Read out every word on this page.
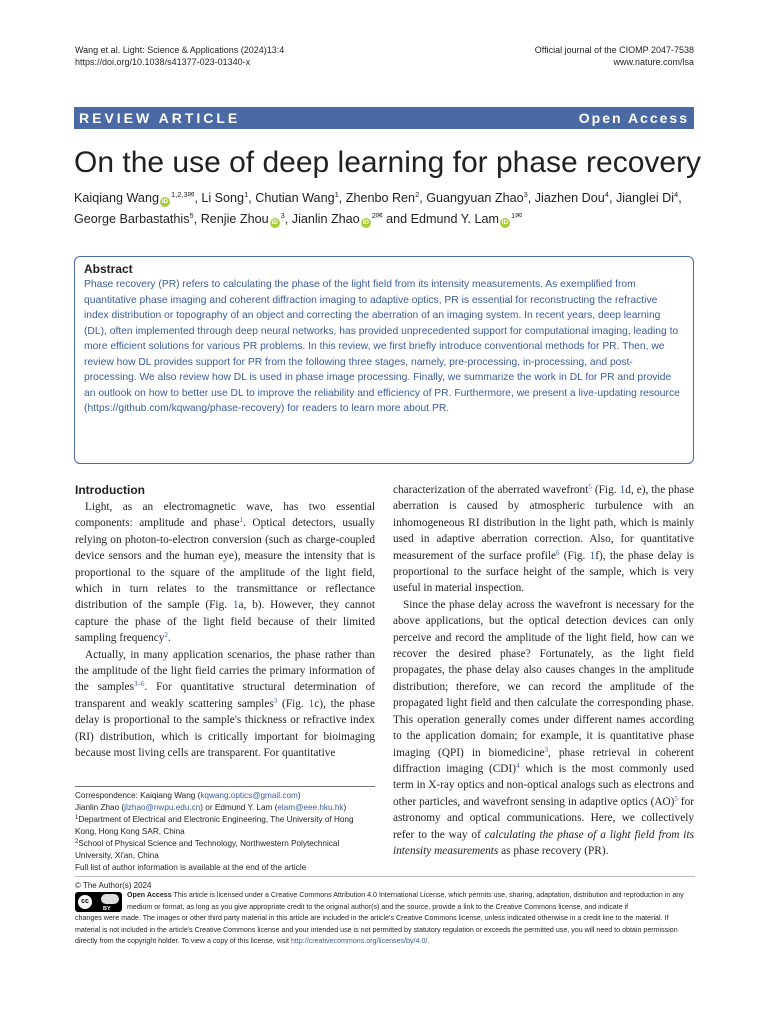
Wang et al. Light: Science & Applications (2024)13:4
https://doi.org/10.1038/s41377-023-01340-x
Official journal of the CIOMP 2047-7538
www.nature.com/lsa
REVIEW ARTICLE	Open Access
On the use of deep learning for phase recovery
Kaiqiang Wang $iD^{1,2,3✉}$, Li Song$^1$, Chutian Wang$^1$, Zhenbo Ren$^2$, Guangyuan Zhao$^3$, Jiazhen Dou$^4$, Jianglei Di$^4$,
George Barbastathis$^5$, Renjie Zhou $iD^3$, Jianlin Zhao $iD^{2✉}$ and Edmund Y. Lam $iD^{1✉}$
Abstract

Phase recovery (PR) refers to calculating the phase of the light field from its intensity measurements. As exemplified from quantitative phase imaging and coherent diffraction imaging to adaptive optics, PR is essential for reconstructing the refractive index distribution or topography of an object and correcting the aberration of an imaging system. In recent years, deep learning (DL), often implemented through deep neural networks, has provided unprecedented support for computational imaging, leading to more efficient solutions for various PR problems. In this review, we first briefly introduce conventional methods for PR. Then, we review how DL provides support for PR from the following three stages, namely, pre-processing, in-processing, and post-processing. We also review how DL is used in phase image processing. Finally, we summarize the work in DL for PR and provide an outlook on how to better use DL to improve the reliability and efficiency of PR. Furthermore, we present a live-updating resource (https://github.com/kqwang/phase-recovery) for readers to learn more about PR.

Introduction

Light, as an electromagnetic wave, has two essential components: amplitude and phase$^1$. Optical detectors, usually relying on photon-to-electron conversion (such as charge-coupled device sensors and the human eye), measure the intensity that is proportional to the square of the amplitude of the light field, which in turn relates to the transmittance or reflectance distribution of the sample (Fig. 1a, b). However, they cannot capture the phase of the light field because of their limited sampling frequency$^2$.

Actually, in many application scenarios, the phase rather than the amplitude of the light field carries the primary information of the samples$^{3-6}$. For quantitative structural determination of transparent and weakly scattering samples$^3$ (Fig. 1c), the phase delay is proportional to the sample's thickness or refractive index (RI) distribution, which is critically important for bioimaging because most living cells are transparent. For quantitative

characterization of the aberrated wavefront$^5$ (Fig. 1d, e), the phase aberration is caused by atmospheric turbulence with an inhomogeneous RI distribution in the light path, which is mainly used in adaptive aberration correction. Also, for quantitative measurement of the surface profile$^6$ (Fig. 1f), the phase delay is proportional to the surface height of the sample, which is very useful in material inspection.

Since the phase delay across the wavefront is necessary for the above applications, but the optical detection devices can only perceive and record the amplitude of the light field, how can we recover the desired phase? Fortunately, as the light field propagates, the phase delay also causes changes in the amplitude distribution; therefore, we can record the amplitude of the propagated light field and then calculate the corresponding phase. This operation generally comes under different names according to the application domain; for example, it is quantitative phase imaging (QPI) in biomedicine$^3$, phase retrieval in coherent diffraction imaging (CDI)$^4$ which is the most commonly used term in X-ray optics and non-optical analogs such as electrons and other particles, and wavefront sensing in adaptive optics (AO)$^5$ for astronomy and optical communications. Here, we collectively refer to the way of calculating the phase of a light field from its intensity measurements as phase recovery (PR).

Correspondence: Kaiqiang Wang (kqwang.optics@gmail.com)
Jianlin Zhao (jlzhao@nwpu.edu.cn) or Edmund Y. Lam (elam@eee.hku.hk)
$^1$Department of Electrical and Electronic Engineering, The University of Hong Kong, Hong Kong SAR, China
$^2$School of Physical Science and Technology, Northwestern Polytechnical University, Xi'an, China
Full list of author information is available at the end of the article
© The Author(s) 2024
cc
BY
Open Access This article is licensed under a Creative Commons Attribution 4.0 International License, which permits use, sharing, adaptation, distribution and reproduction in any medium or format, as long as you give appropriate credit to the original author(s) and the source, provide a link to the Creative Commons license, and indicate if

changes were made. The images or other third party material in this article are included in the article's Creative Commons license, unless indicated otherwise in a credit line to the material. If material is not included in the article's Creative Commons license and your intended use is not permitted by statutory regulation or exceeds the permitted use, you will need to obtain permission directly from the copyright holder. To view a copy of this license, visit http://creativecommons.org/licenses/by/4.0/.
